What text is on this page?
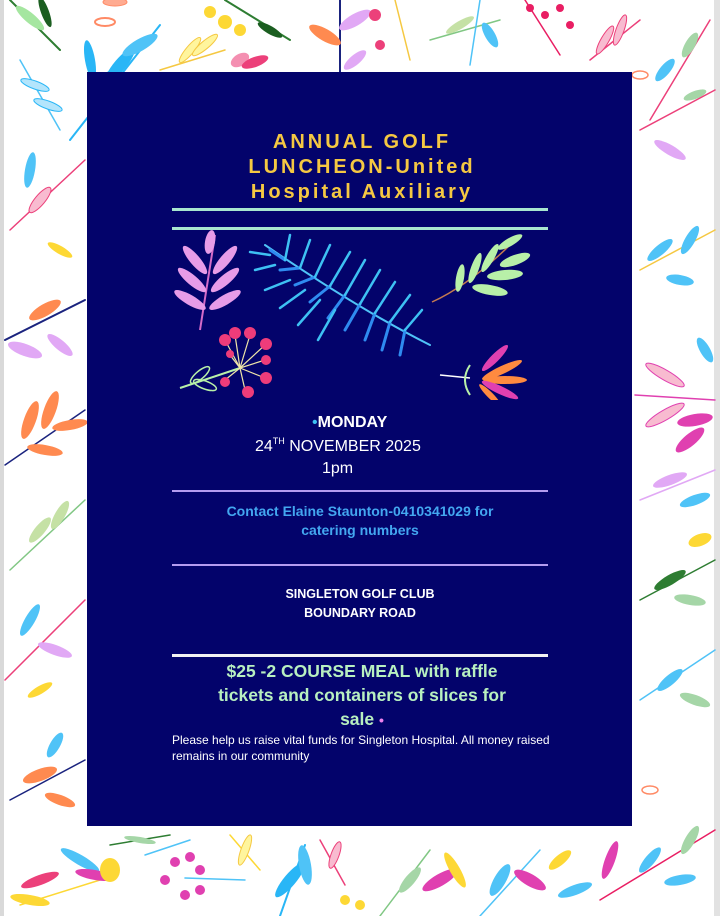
ANNUAL GOLF
LUNCHEON-United
Hospital Auxiliary
•MONDAY
24TH NOVEMBER 2025
1pm
Contact Elaine Staunton-0410341029 for
catering numbers
SINGLETON GOLF CLUB
BOUNDARY ROAD
$25 -2 COURSE MEAL with raffle
tickets and containers of slices for
sale •
Please help us raise vital funds for Singleton Hospital. All money raised remains in our community
